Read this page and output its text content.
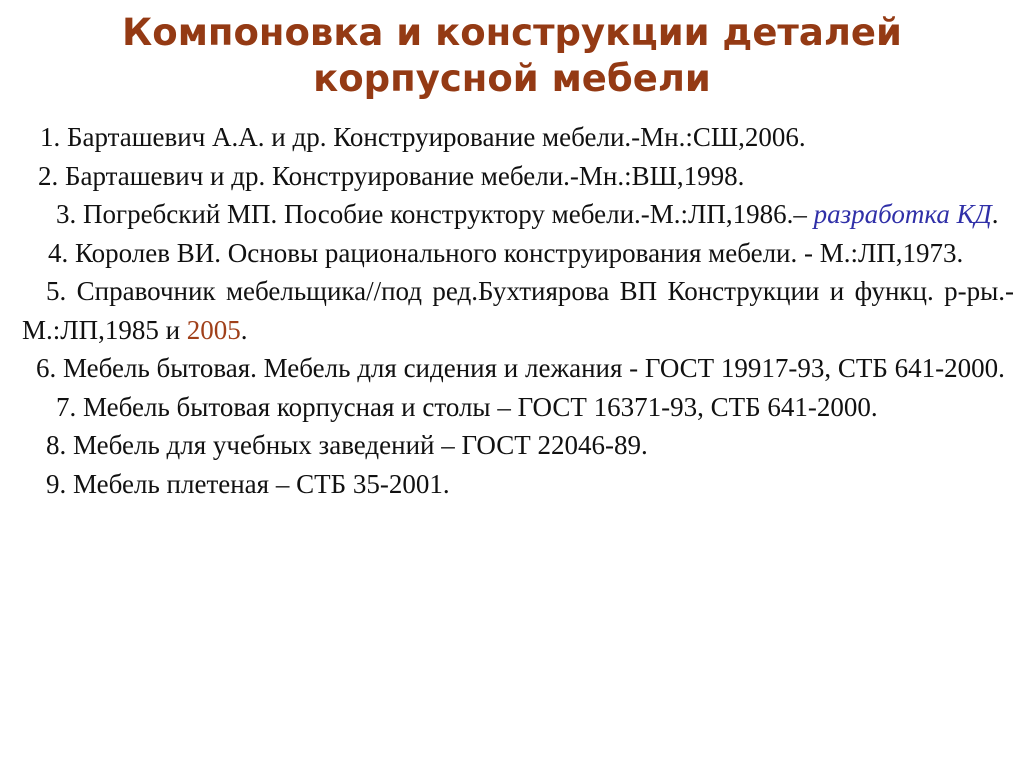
Компоновка и конструкции деталей
корпусной мебели

1. Барташевич А.А. и др. Конструирование мебели.-Мн.:СШ,2006.

2. Барташевич и др. Конструирование мебели.-Мн.:ВШ,1998.

3. Погребский МП. Пособие конструктору мебели.-М.:ЛП,1986.– разработка КД.

4. Королев ВИ. Основы рационального конструирования мебели. - М.:ЛП,1973.

5. Справочник мебельщика//под ред.Бухтиярова ВП Конструкции и функц. р-ры.-М.:ЛП,1985 и 2005.

6. Мебель бытовая. Мебель для сидения и лежания - ГОСТ 19917-93, СТБ 641-2000.

7. Мебель бытовая корпусная и столы – ГОСТ 16371-93, СТБ 641-2000.

8. Мебель для учебных заведений – ГОСТ 22046-89.

9. Мебель плетеная – СТБ 35-2001.
